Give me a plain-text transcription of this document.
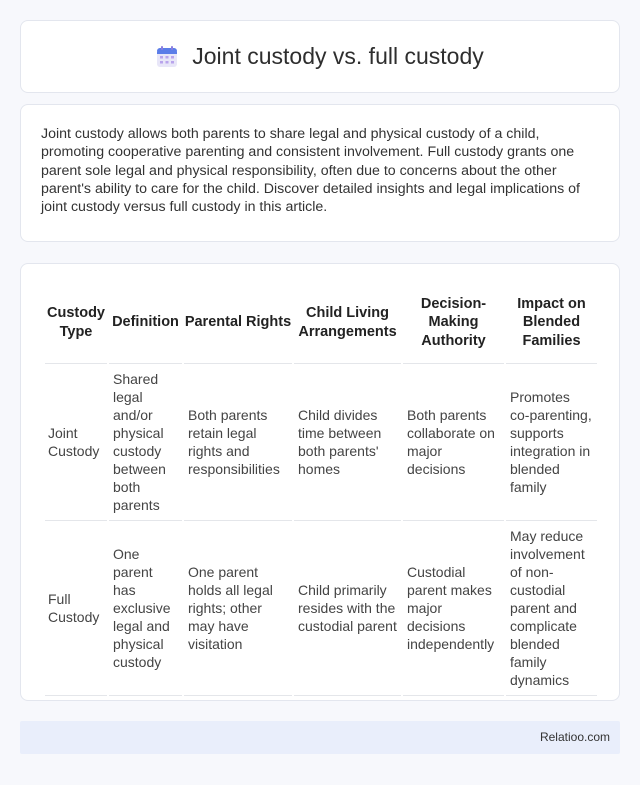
Joint custody vs. full custody

Joint custody allows both parents to share legal and physical custody of a child, promoting cooperative parenting and consistent involvement. Full custody grants one parent sole legal and physical responsibility, often due to concerns about the other parent's ability to care for the child. Discover detailed insights and legal implications of joint custody versus full custody in this article.

Custody Type	Definition	Parental Rights	Child Living Arrangements	Decision-Making Authority	Impact on Blended Families
Joint Custody	Shared legal and/or physical custody between both parents	Both parents retain legal rights and responsibilities	Child divides time between both parents' homes	Both parents collaborate on major decisions	Promotes co-parenting, supports integration in blended family
Full Custody	One parent has exclusive legal and physical custody	One parent holds all legal rights; other may have visitation	Child primarily resides with the custodial parent	Custodial parent makes major decisions independently	May reduce involvement of non-custodial parent and complicate blended family dynamics
Relatioo.com
